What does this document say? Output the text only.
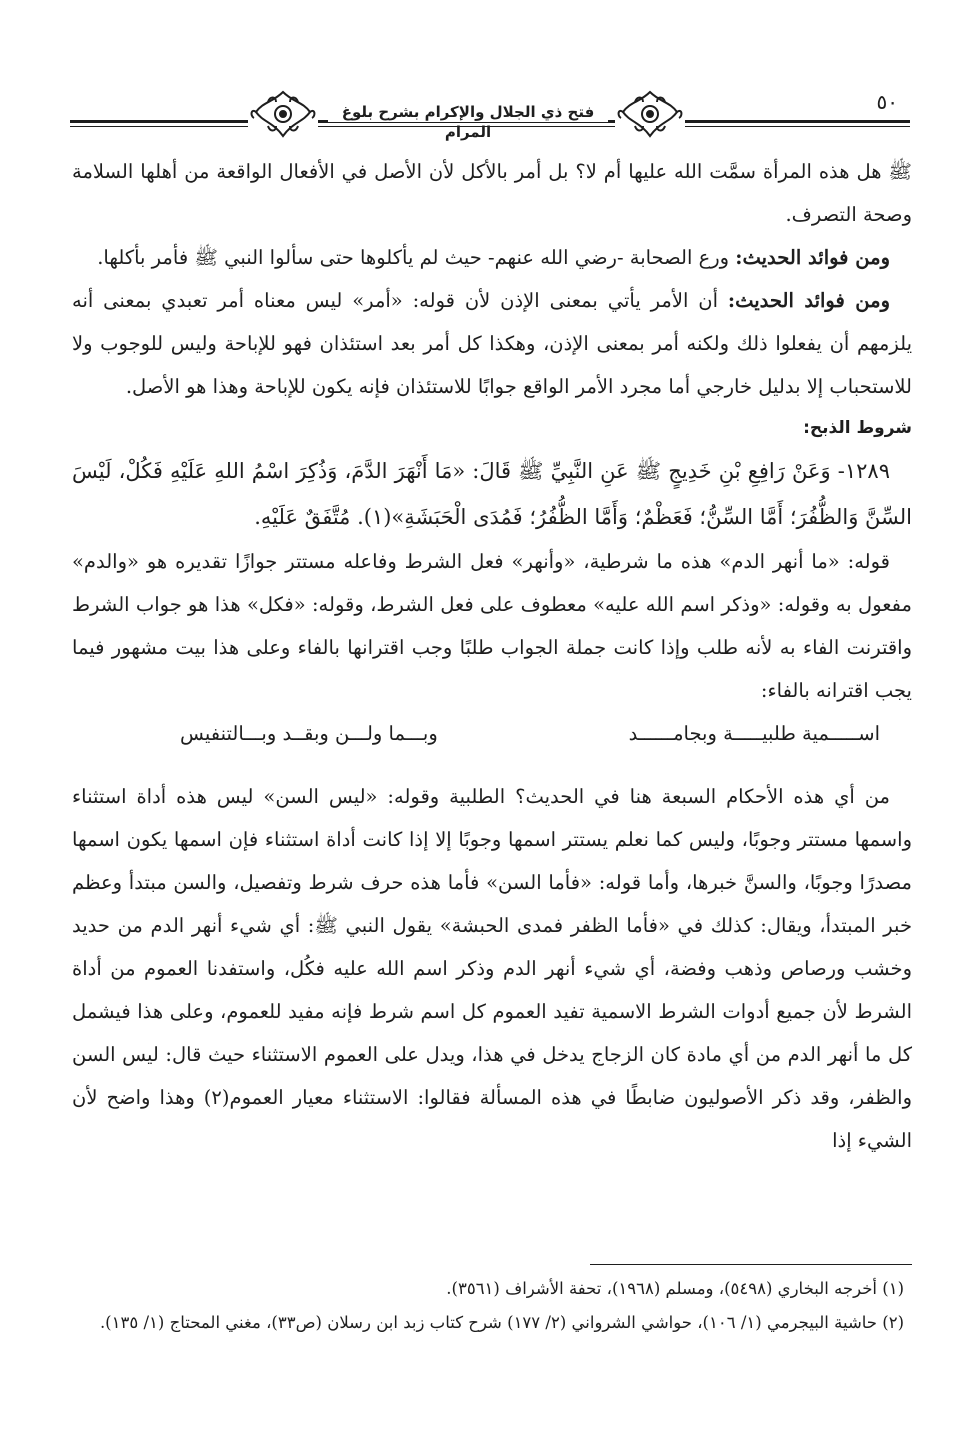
فتح ذي الجلال والإكرام بشرح بلوغ المرام
٥٠

ﷺ هل هذه المرأة سمَّت الله عليها أم لا؟ بل أمر بالأكل لأن الأصل في الأفعال الواقعة من أهلها السلامة وصحة التصرف.

ومن فوائد الحديث: ورع الصحابة -رضي الله عنهم- حيث لم يأكلوها حتى سألوا النبي ﷺ فأمر بأكلها.

ومن فوائد الحديث: أن الأمر يأتي بمعنى الإذن لأن قوله: «أمر» ليس معناه أمر تعبدي بمعنى أنه يلزمهم أن يفعلوا ذلك ولكنه أمر بمعنى الإذن، وهكذا كل أمر بعد استئذان فهو للإباحة وليس للوجوب ولا للاستحباب إلا بدليل خارجي أما مجرد الأمر الواقع جوابًا للاستئذان فإنه يكون للإباحة وهذا هو الأصل.

شروط الذبح:

١٢٨٩- وَعَنْ رَافِعِ بْنِ خَدِيجٍ ﷺ عَنِ النَّبِيِّ ﷺ قَالَ: «مَا أَنْهَرَ الدَّمَ، وَذُكِرَ اسْمُ اللهِ عَلَيْهِ فَكُلْ، لَيْسَ السِّنَّ وَالظُّفُرَ؛ أَمَّا السِّنُّ؛ فَعَظْمٌ؛ وَأَمَّا الظُّفُرُ؛ فَمُدَى الْحَبَشَةِ»(١). مُتَّفَقٌ عَلَيْهِ.

قوله: «ما أنهر الدم» هذه ما شرطية، «وأنهر» فعل الشرط وفاعله مستتر جوازًا تقديره هو «والدم» مفعول به وقوله: «وذكر اسم الله عليه» معطوف على فعل الشرط، وقوله: «فكل» هذا هو جواب الشرط واقترنت الفاء به لأنه طلب وإذا كانت جملة الجواب طلبًا وجب اقترانها بالفاء وعلى هذا بيت مشهور فيما يجب اقترانه بالفاء:

اســـــمية طلبيـــــة وبجامــــــد
وبـــما ولـــن وبقــد وبـــالتنفيس

من أي هذه الأحكام السبعة هنا في الحديث؟ الطلبية وقوله: «ليس السن» ليس هذه أداة استثناء واسمها مستتر وجوبًا، وليس كما نعلم يستتر اسمها وجوبًا إلا إذا كانت أداة استثناء فإن اسمها يكون اسمها مصدرًا وجوبًا، والسنَّ خبرها، وأما قوله: «فأما السن» فأما هذه حرف شرط وتفصيل، والسن مبتدأ وعظم خبر المبتدأ، ويقال: كذلك في «فأما الظفر فمدى الحبشة» يقول النبي ﷺ: أي شيء أنهر الدم من حديد وخشب ورصاص وذهب وفضة، أي شيء أنهر الدم وذكر اسم الله عليه فكُل، واستفدنا العموم من أداة الشرط لأن جميع أدوات الشرط الاسمية تفيد العموم كل اسم شرط فإنه مفيد للعموم، وعلى هذا فيشمل كل ما أنهر الدم من أي مادة كان الزجاج يدخل في هذا، ويدل على العموم الاستثناء حيث قال: ليس السن والظفر، وقد ذكر الأصوليون ضابطًا في هذه المسألة فقالوا: الاستثناء معيار العموم(٢) وهذا واضح لأن الشيء إذا

(١) أخرجه البخاري (٥٤٩٨)، ومسلم (١٩٦٨)، تحفة الأشراف (٣٥٦١).

(٢) حاشية البيجرمي (١/ ١٠٦)، حواشي الشرواني (٢/ ١٧٧) شرح كتاب زبد ابن رسلان (ص٣٣)، مغني المحتاج (١/ ١٣٥).
